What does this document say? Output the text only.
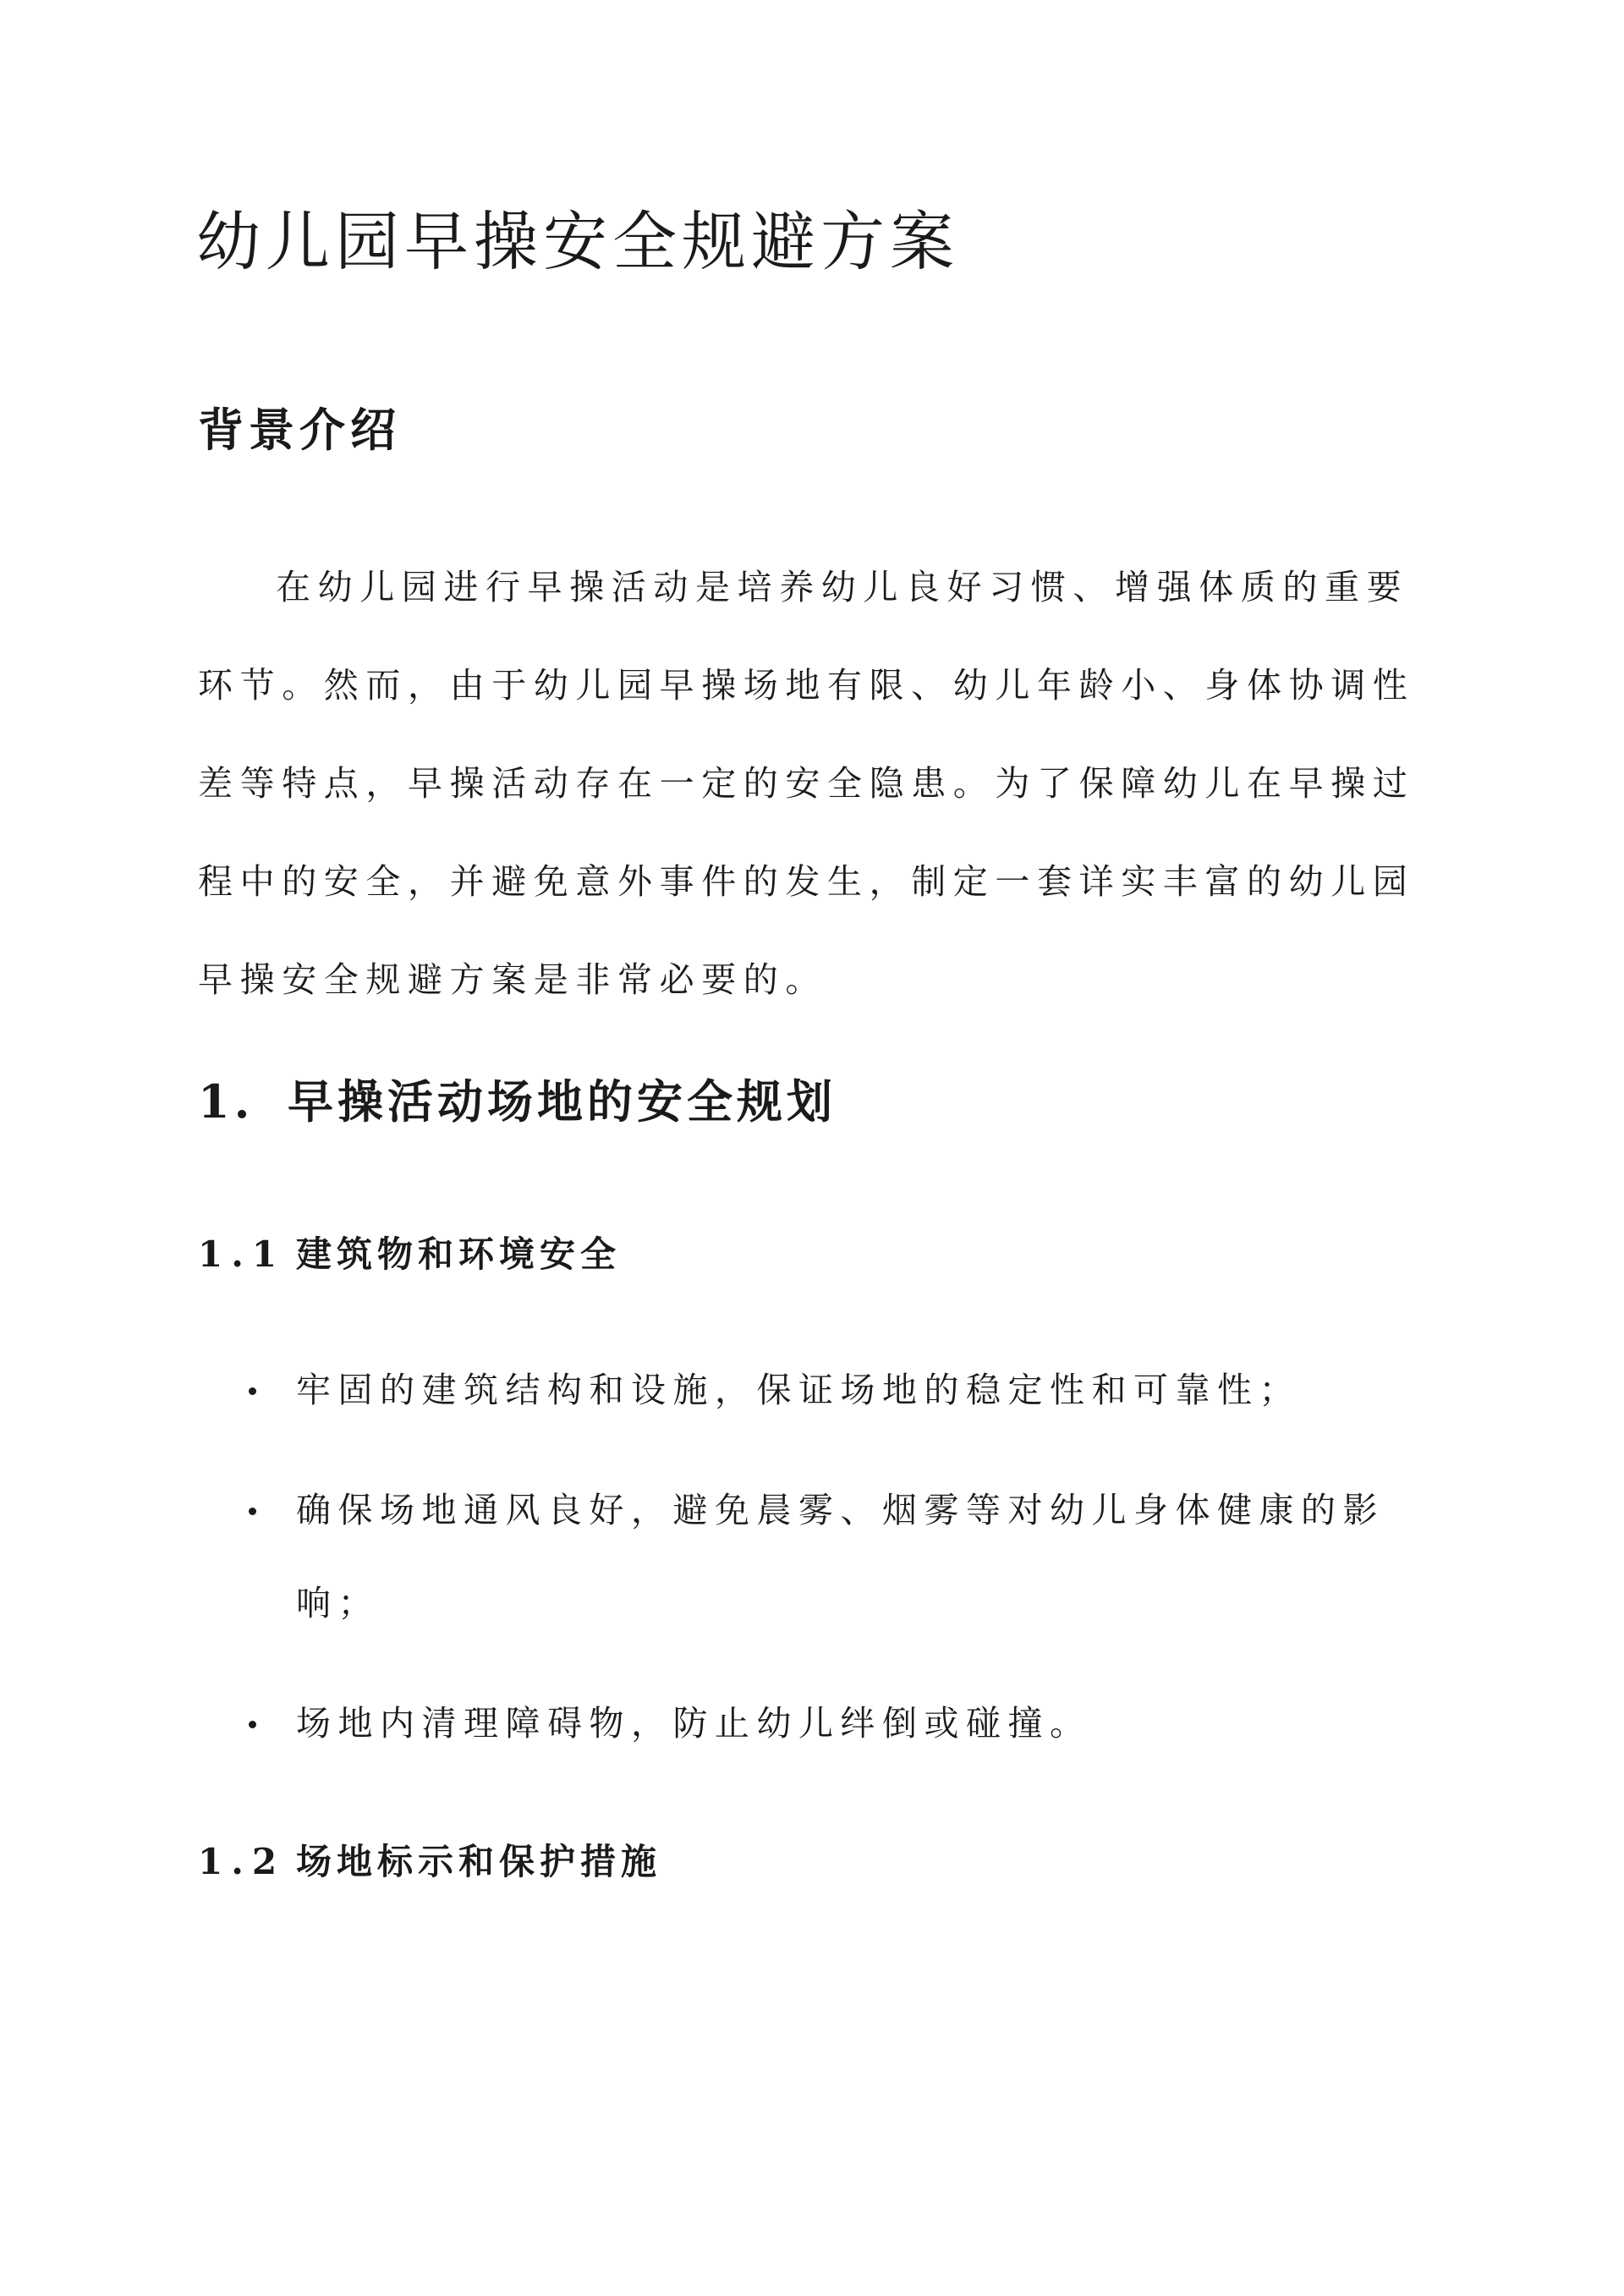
幼儿园早操安全规避方案
背景介绍

在幼儿园进行早操活动是培养幼儿良好习惯、增强体质的重要环节。然而，由于幼儿园早操场地有限、幼儿年龄小、身体协调性差等特点，早操活动存在一定的安全隐患。为了保障幼儿在早操过程中的安全，并避免意外事件的发生，制定一套详实丰富的幼儿园早操安全规避方案是非常必要的。

1. 早操活动场地的安全规划
1.1 建筑物和环境安全
牢固的建筑结构和设施，保证场地的稳定性和可靠性；
确保场地通风良好，避免晨雾、烟雾等对幼儿身体健康的影响；
场地内清理障碍物，防止幼儿绊倒或碰撞。
1.2 场地标示和保护措施
